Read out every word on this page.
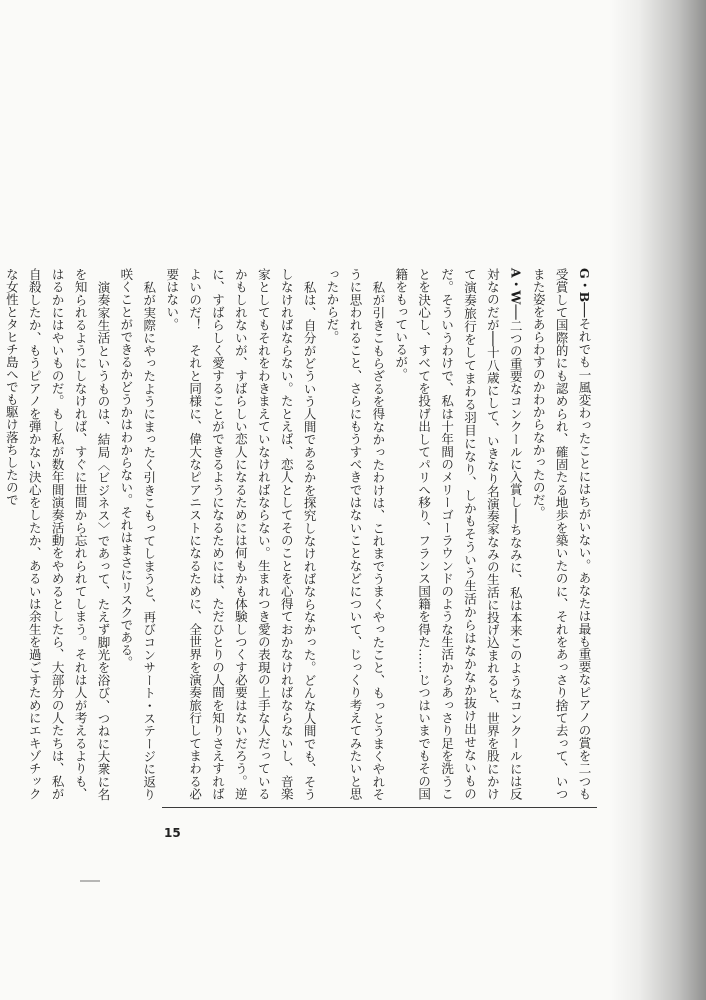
G・B──それでも一風変わったことにはちがいない。あなたは最も重要なピアノの賞を二つも受賞して国際的にも認められ、確固たる地歩を築いたのに、それをあっさり捨て去って、いつまた姿をあらわすのかわからなかったのだ。

A・W──二つの重要なコンクールに入賞し──ちなみに、私は本来このようなコンクールには反対なのだが──十八歳にして、いきなり名演奏家なみの生活に投げ込まれると、世界を股にかけて演奏旅行をしてまわる羽目になり、しかもそういう生活からはなかなか抜け出せないものだ。そういうわけで、私は十年間のメリーゴーラウンドのような生活からあっさり足を洗うことを決心し、すべてを投げ出してパリへ移り、フランス国籍を得た……じつはいまでもその国籍をもっているが。

私が引きこもらざるを得なかったわけは、これまでうまくやったこと、もっとうまくやれそうに思われること、さらにもうすべきではないことなどについて、じっくり考えてみたいと思ったからだ。

私は、自分がどういう人間であるかを探究しなければならなかった。どんな人間でも、そうしなければならない。たとえば、恋人としてそのことを心得ておかなければならないし、音楽家としてもそれをわきまえていなければならない。生まれつき愛の表現の上手な人だっているかもしれないが、すばらしい恋人になるためには何もかも体験しつくす必要はないだろう。逆に、すばらしく愛することができるようになるためには、ただひとりの人間を知りさえすればよいのだ！　それと同様に、偉大なピアニストになるために、全世界を演奏旅行してまわる必要はない。

私が実際にやったようにまったく引きこもってしまうと、再びコンサート・ステージに返り咲くことができるかどうかはわからない。それはまさにリスクである。

演奏家生活というものは、結局〈ビジネス〉であって、たえず脚光を浴び、つねに大衆に名を知られるようにしなければ、すぐに世間から忘れられてしまう。それは人が考えるよりも、はるかにはやいものだ。もし私が数年間演奏活動をやめるとしたら、大部分の人たちは、私が自殺したか、もうピアノを弾かない決心をしたか、あるいは余生を過ごすためにエキゾチックな女性とタヒチ島へでも駆け落ちしたので

15
